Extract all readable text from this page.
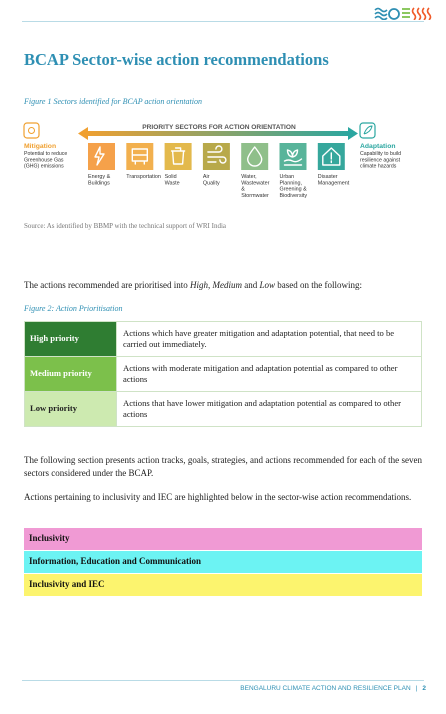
BCAP Sector-wise action recommendations
Figure 1 Sectors identified for BCAP action orientation
PRIORITY SECTORS FOR ACTION ORIENTATION
Mitigation
Potential to reduce
Greenhouse Gas
(GHG) emissions
Adaptation
Capability to build
resilience against
climate hazards
Energy &
Buildings
Transportation Solid
Waste
Air
Quality
Water,
Wastewater
&
Stormwater
Urban
Planning,
Greening &
Biodiversity
Disaster
Management
Source: As identified by BBMP with the technical support of WRI India
The actions recommended are prioritised into High, Medium and Low based on the following:
Figure 2: Action Prioritisation
High priority	Actions which have greater mitigation and adaptation potential, that need to be carried out immediately.
Medium priority	Actions with moderate mitigation and adaptation potential as compared to other actions
Low priority	Actions that have lower mitigation and adaptation potential as compared to other actions
The following section presents action tracks, goals, strategies, and actions recommended for each of the seven sectors considered under the BCAP.
Actions pertaining to inclusivity and IEC are highlighted below in the sector-wise action recommendations.
Inclusivity
Information, Education and Communication
Inclusivity and IEC
BENGALURU CLIMATE ACTION AND RESILIENCE PLAN | 2
